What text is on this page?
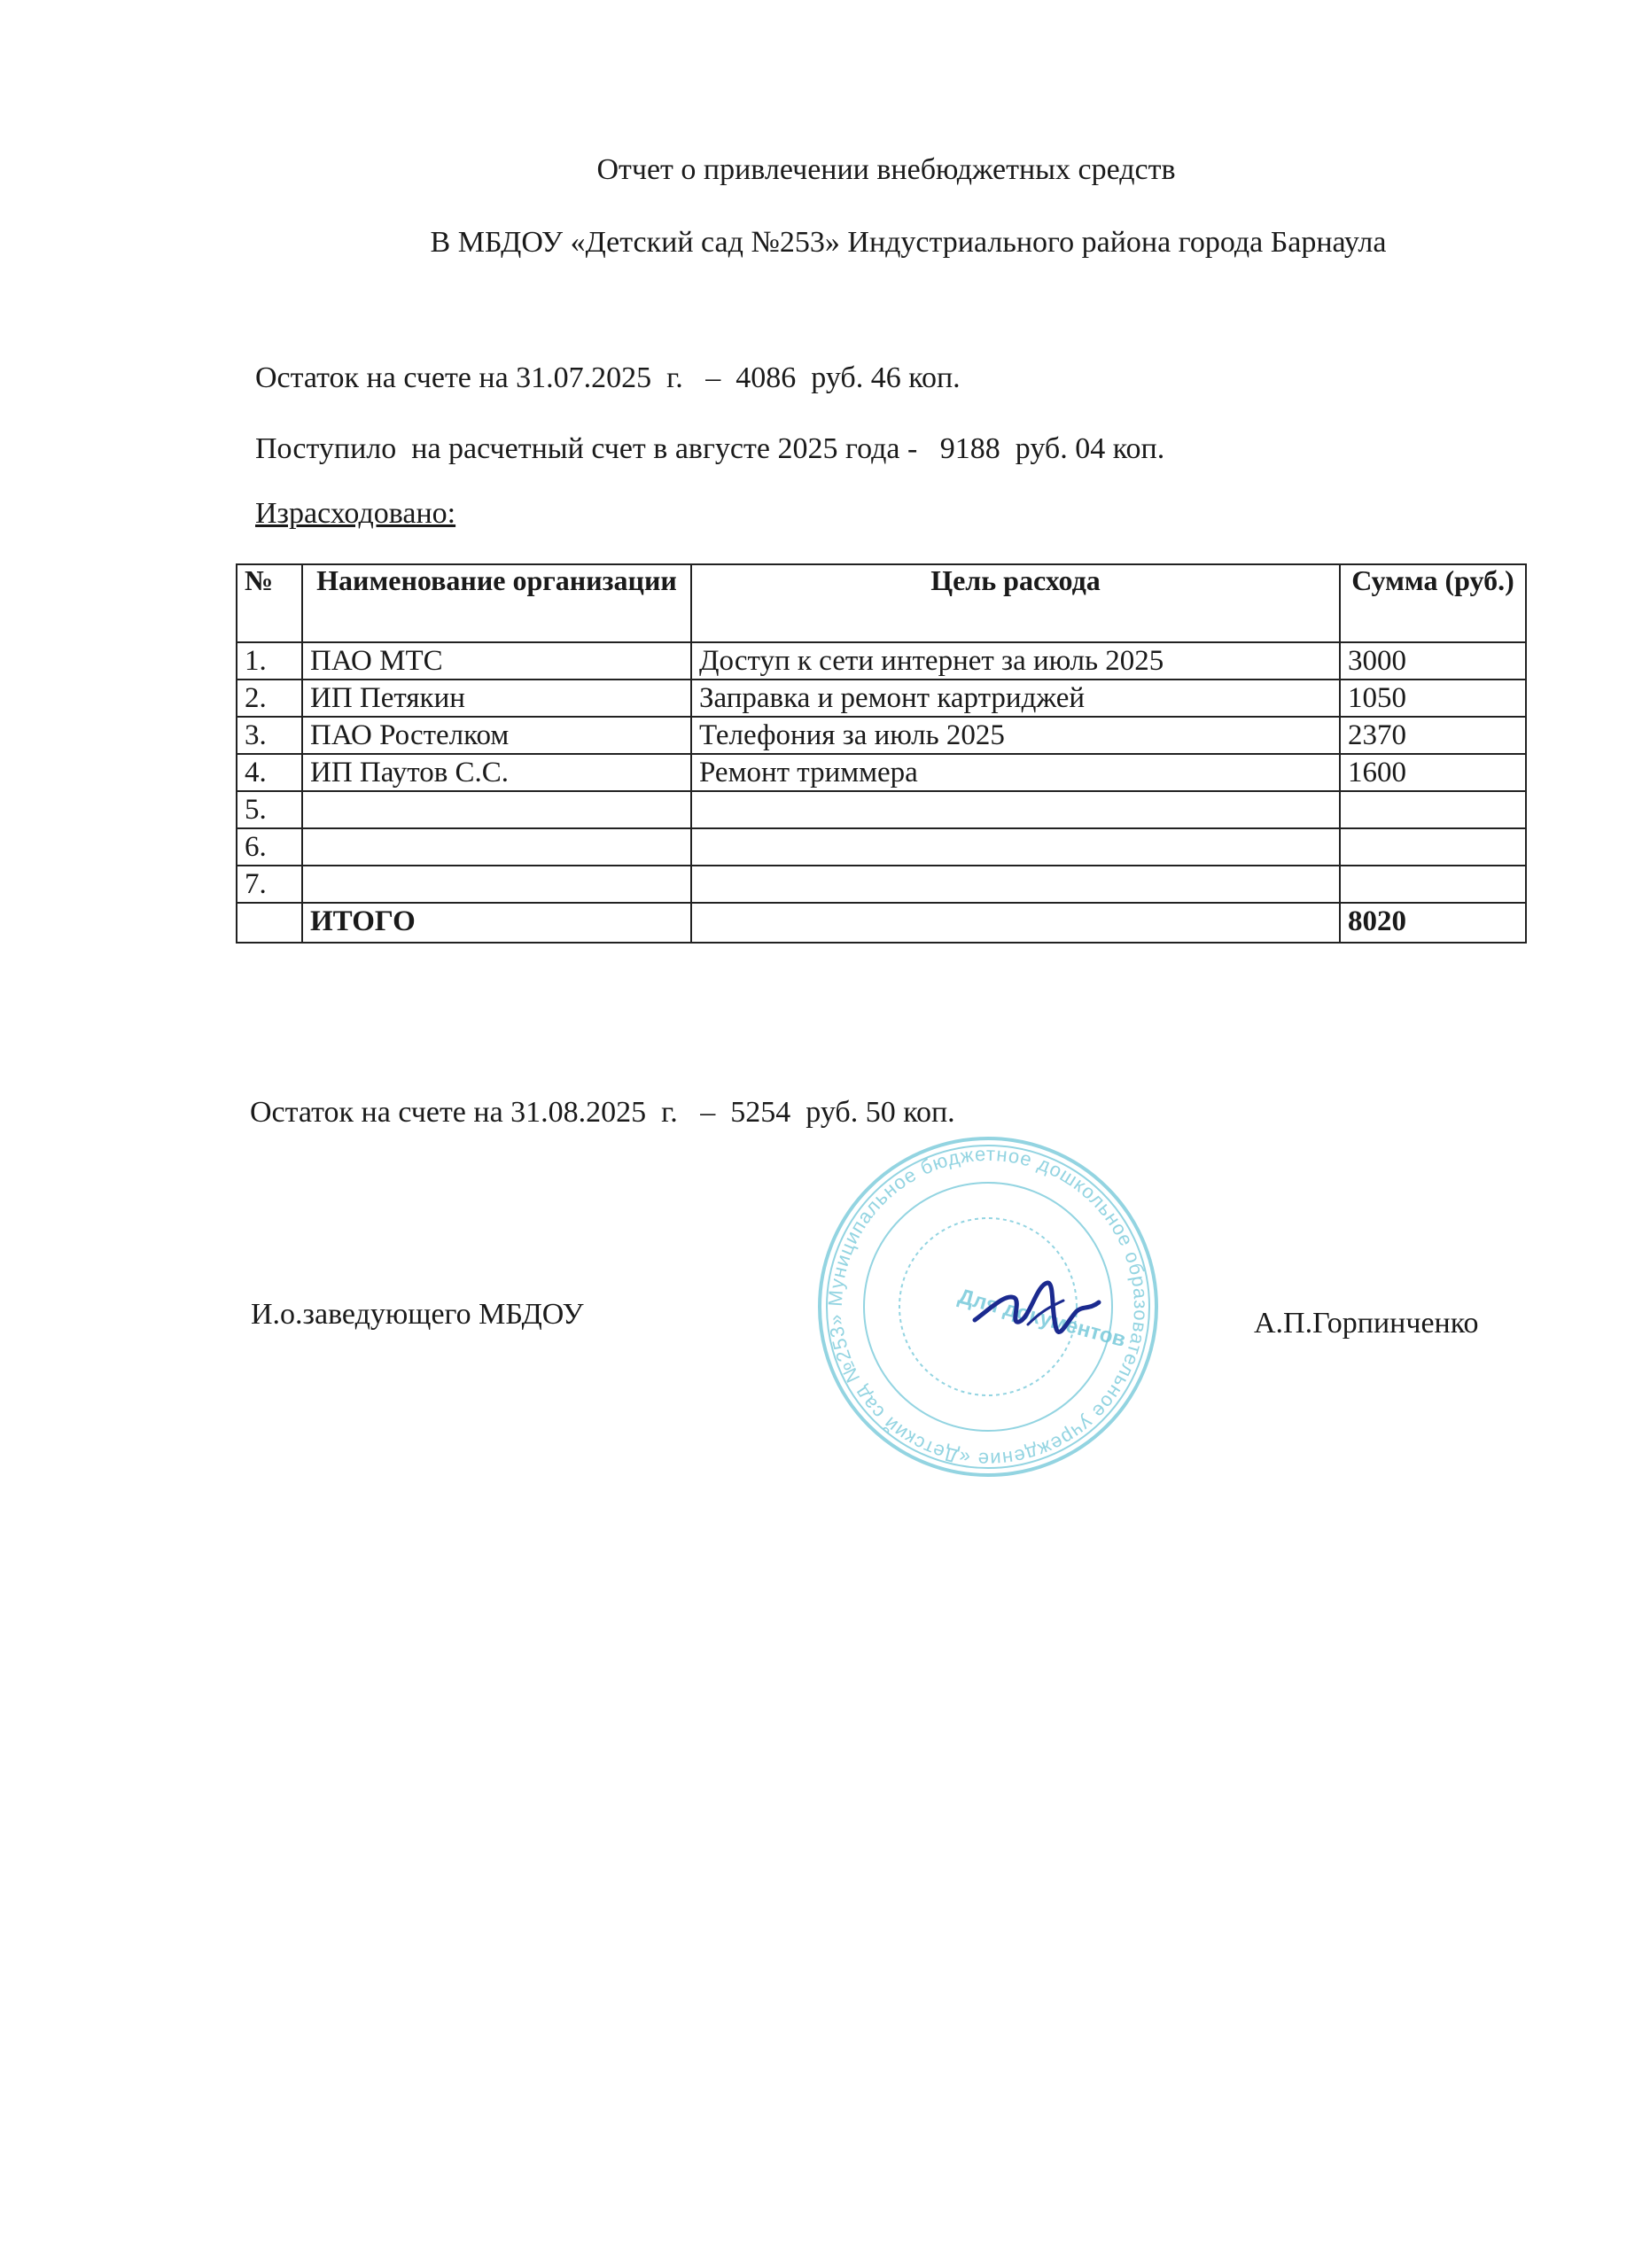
Отчет о привлечении внебюджетных средств
В МБДОУ «Детский сад №253» Индустриального района города Барнаула
Остаток на счете на 31.07.2025  г.   –  4086  руб. 46 коп.
Поступило  на расчетный счет в августе 2025 года -   9188  руб. 04 коп.
Израсходовано:
№	Наименование организации	Цель расхода	Сумма (руб.)
1.	ПАО МТС	Доступ к сети интернет за июль 2025	3000
2.	ИП Петякин	Заправка и ремонт картриджей	1050
3.	ПАО Ростелком	Телефония за июль 2025	2370
4.	ИП Паутов С.С.	Ремонт триммера	1600
5.			
6.			
7.			
	ИТОГО		8020
Остаток на счете на 31.08.2025  г.   –  5254  руб. 50 коп.
И.о.заведующего МБДОУ	А.П.Горпинченко
Муниципальное бюджетное дошкольное образовательное учреждение «Детский сад №253»	Для документов
